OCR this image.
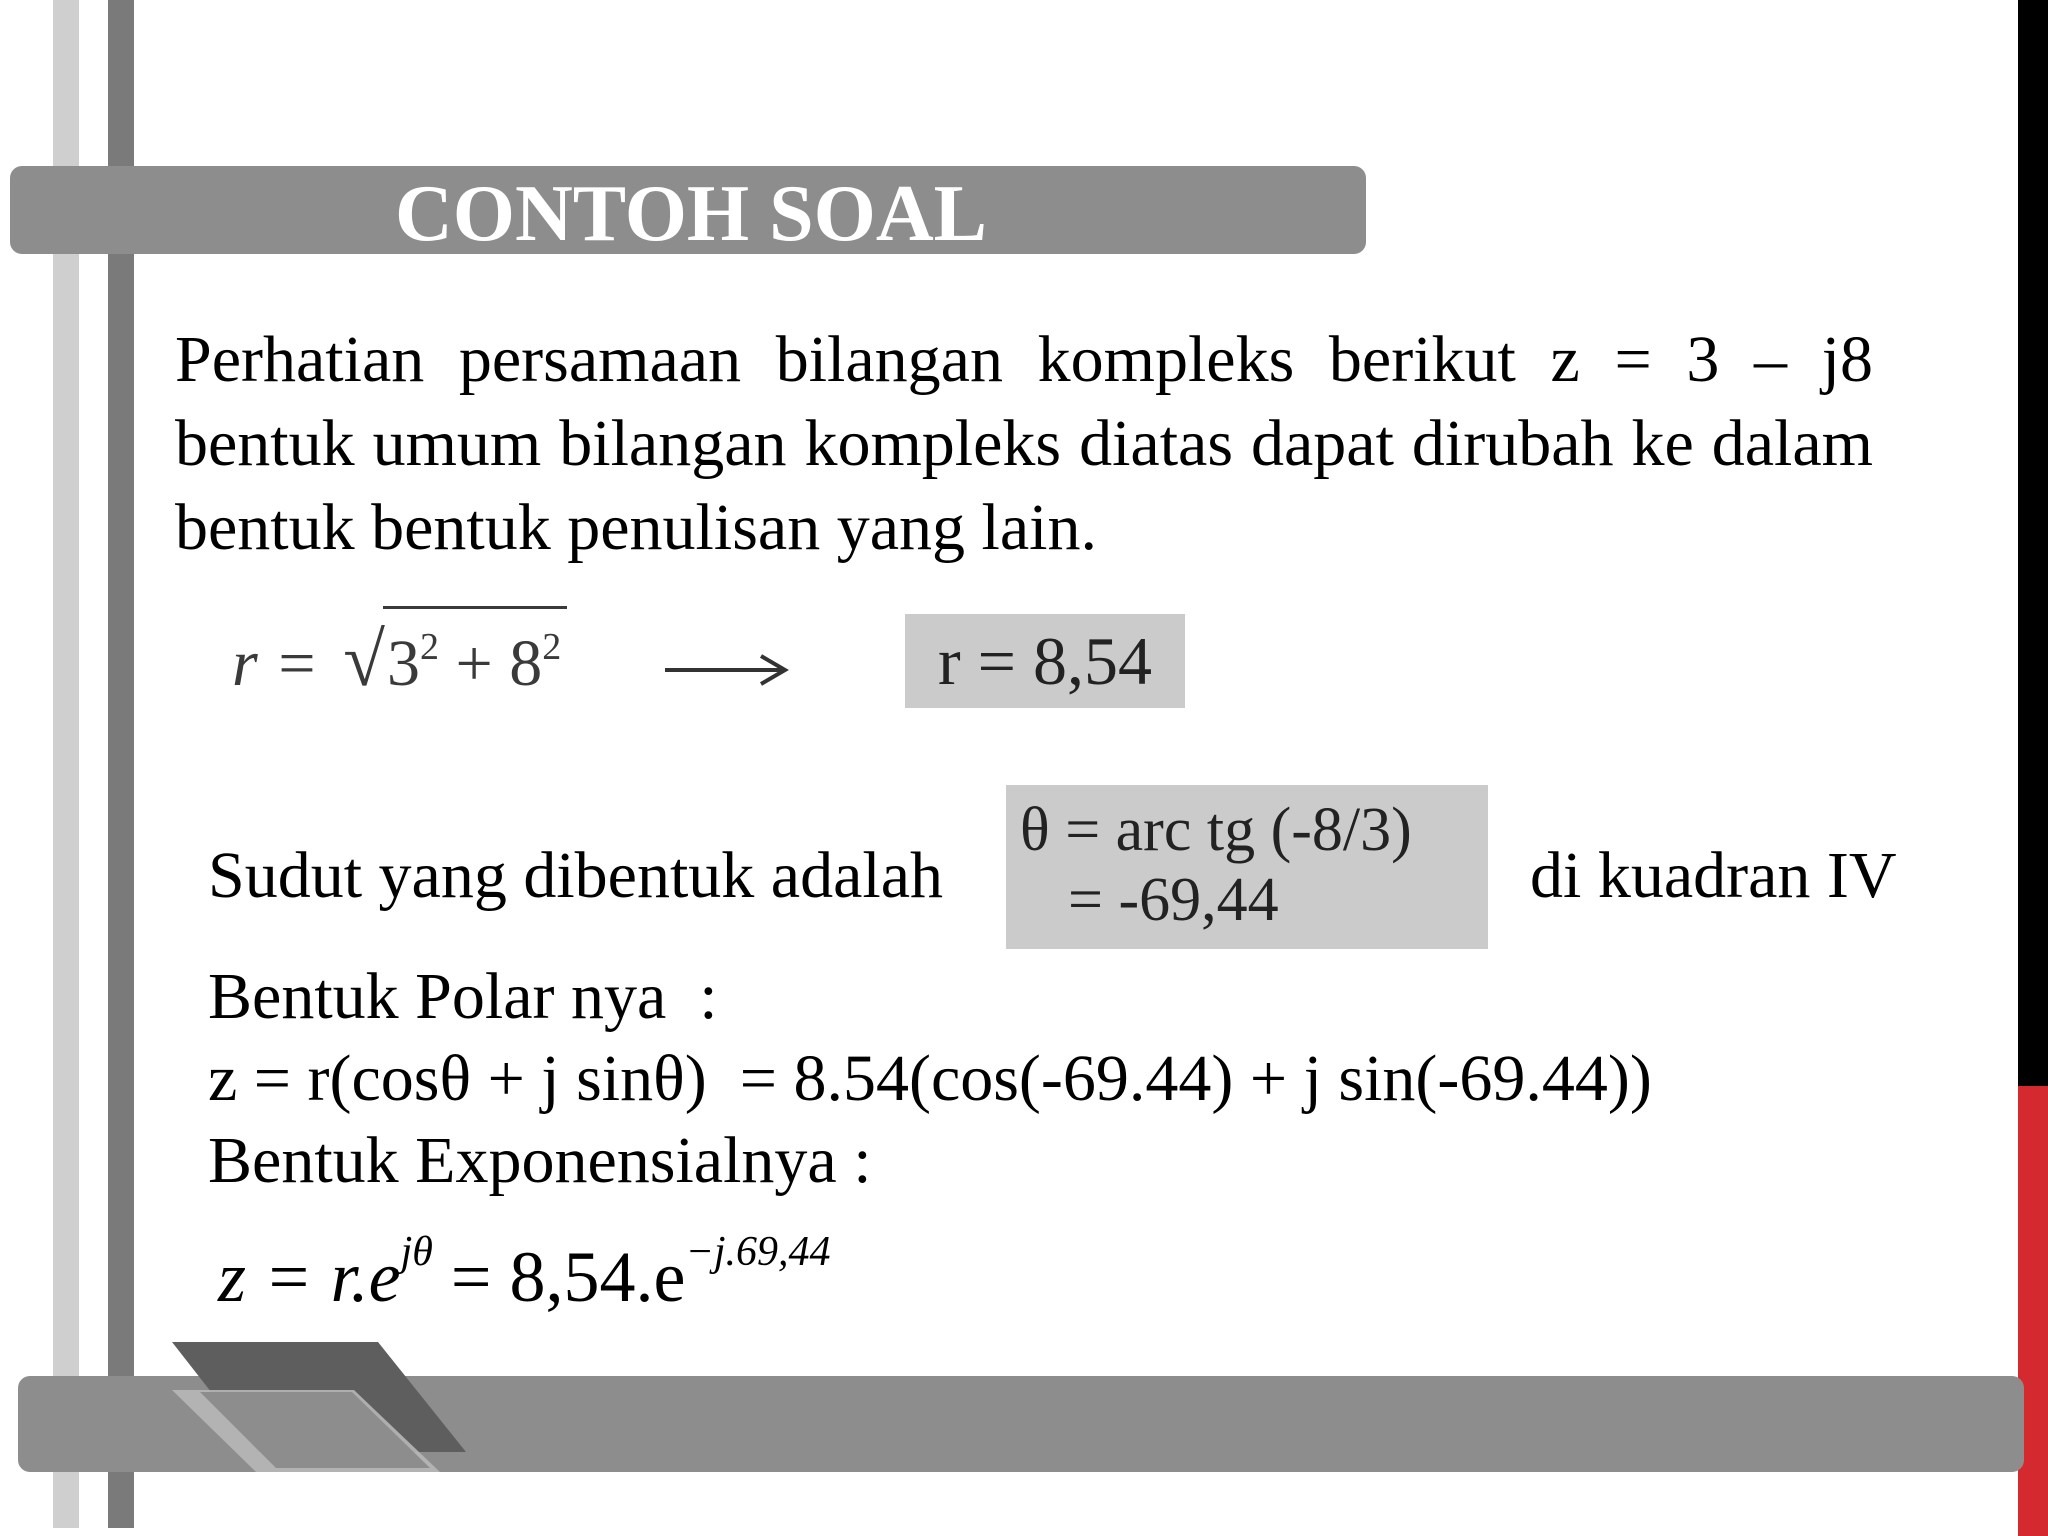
CONTOH SOAL
Perhatian persamaan bilangan kompleks berikut z = 3 – j8 bentuk umum bilangan kompleks diatas dapat dirubah ke dalam bentuk bentuk penulisan yang lain.
$r = √3^2 + 8^2$	r = 8,54
Sudut yang dibentuk adalah
θ = arc tg (-8/3)
= -69,44	di kuadran IV
Bentuk Polar nya  :
z = r(cosθ + j sinθ)  = 8.54(cos(-69.44) + j sin(-69.44))
Bentuk Exponensialnya :
$z = r.e^{j\theta} = 8,54.e^{-j.69,44}$
